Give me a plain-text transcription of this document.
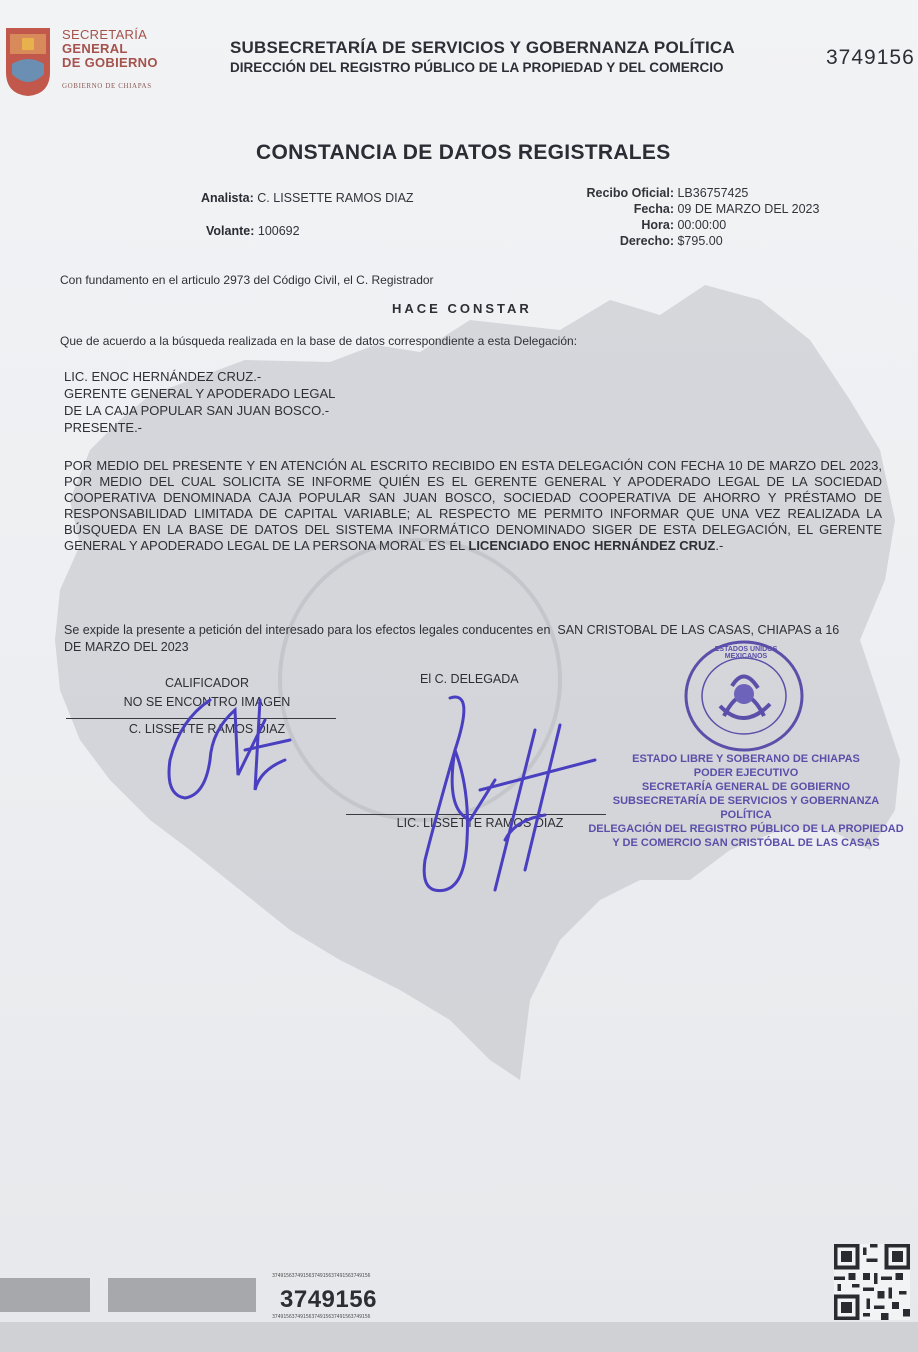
SECRETARÍA
GENERAL
DE GOBIERNO
GOBIERNO DE CHIAPAS
SUBSECRETARÍA DE SERVICIOS Y GOBERNANZA POLÍTICA
DIRECCIÓN DEL REGISTRO PÚBLICO DE LA PROPIEDAD Y DEL COMERCIO	3749156
CONSTANCIA DE DATOS REGISTRALES
Analista: C. LISSETTE RAMOS DIAZ
Volante: 100692
Recibo Oficial: LB36757425
Fecha: 09 DE MARZO DEL 2023
Hora: 00:00:00
Derecho: $795.00
Con fundamento en el articulo 2973 del Código Civil, el C. Registrador
HACE CONSTAR
Que de acuerdo a la búsqueda realizada en la base de datos correspondiente a esta Delegación:
LIC. ENOC HERNÁNDEZ CRUZ.-
GERENTE GENERAL Y APODERADO LEGAL
DE LA CAJA POPULAR SAN JUAN BOSCO.-
PRESENTE.-
POR MEDIO DEL PRESENTE Y EN ATENCIÓN AL ESCRITO RECIBIDO EN ESTA DELEGACIÓN CON FECHA 10 DE MARZO DEL 2023, POR MEDIO DEL CUAL SOLICITA SE INFORME QUIÉN ES EL GERENTE GENERAL Y APODERADO LEGAL DE LA SOCIEDAD COOPERATIVA DENOMINADA CAJA POPULAR SAN JUAN BOSCO, SOCIEDAD COOPERATIVA DE AHORRO Y PRÉSTAMO DE RESPONSABILIDAD LIMITADA DE CAPITAL VARIABLE; AL RESPECTO ME PERMITO INFORMAR QUE UNA VEZ REALIZADA LA BÚSQUEDA EN LA BASE DE DATOS DEL SISTEMA INFORMÁTICO DENOMINADO SIGER DE ESTA DELEGACIÓN, EL GERENTE GENERAL Y APODERADO LEGAL DE LA PERSONA MORAL ES EL LICENCIADO ENOC HERNÁNDEZ CRUZ.-
Se expide la presente a petición del interesado para los efectos legales conducentes en SAN CRISTOBAL DE LAS CASAS, CHIAPAS a 16 DE MARZO DEL 2023
CALIFICADOR
NO SE ENCONTRO IMAGEN
C. LISSETTE RAMOS DIAZ
El C. DELEGADA
LIC. LISSETTE RAMOS DIAZ
ESTADOS UNIDOS MEXICANOS
ESTADO LIBRE Y SOBERANO DE CHIAPAS
PODER EJECUTIVO
SECRETARÍA GENERAL DE GOBIERNO
SUBSECRETARÍA DE SERVICIOS Y GOBERNANZA POLÍTICA
DELEGACIÓN DEL REGISTRO PÚBLICO DE LA PROPIEDAD
Y DE COMERCIO SAN CRISTÓBAL DE LAS CASAS
37491563749156374915637491563749156
3749156
37491563749156374915637491563749156
